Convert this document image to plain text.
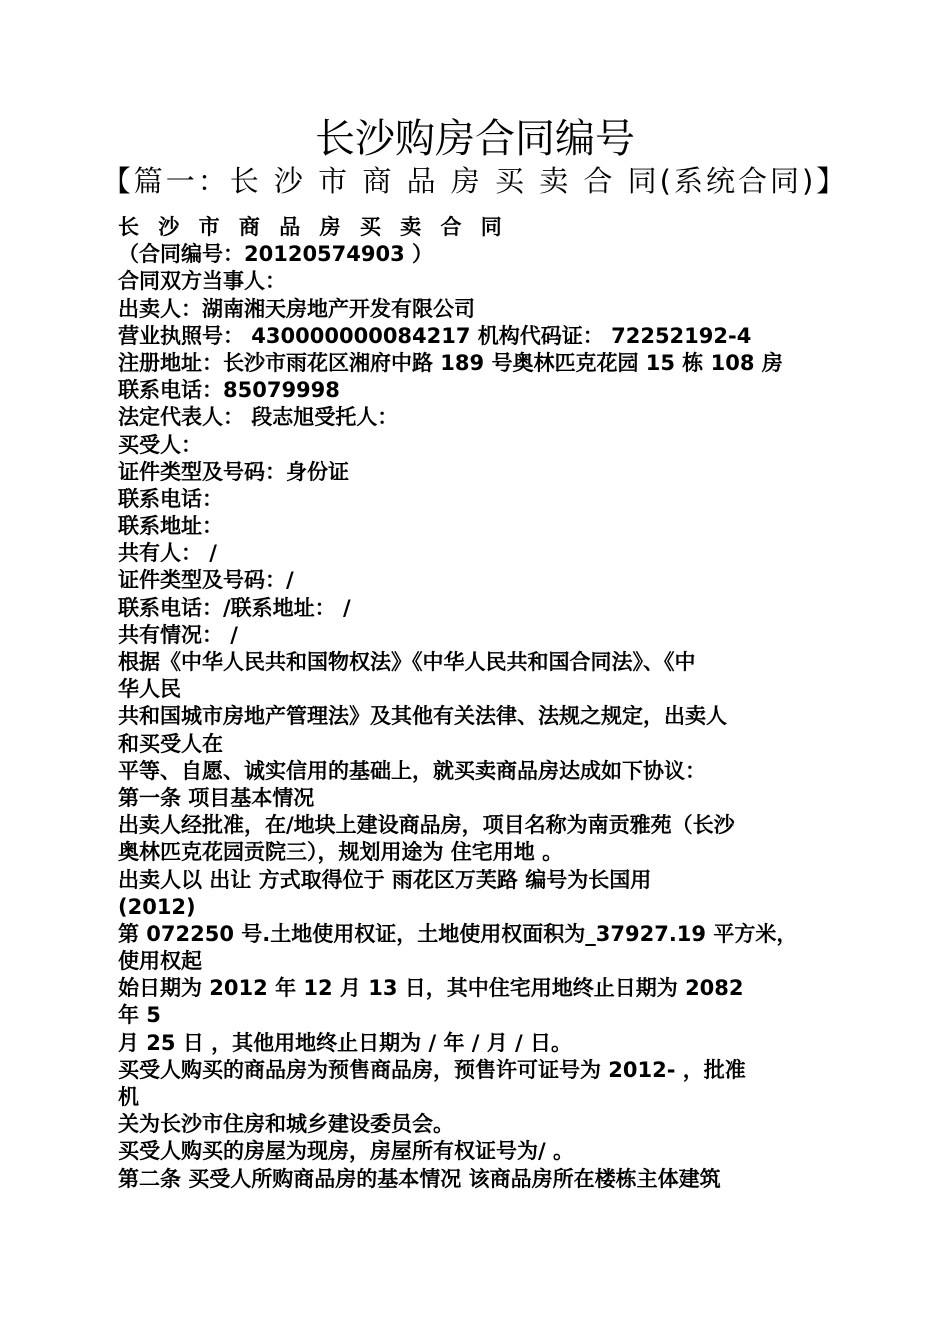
长沙购房合同编号
【篇一：长 沙 市 商 品 房 买 卖 合 同(系统合同)】
长 沙 市 商 品 房 买 卖 合 同
（合同编号：20120574903 ）
合同双方当事人：
出卖人：湖南湘天房地产开发有限公司
营业执照号： 430000000084217 机构代码证： 72252192-4
注册地址：长沙市雨花区湘府中路 189 号奥林匹克花园 15 栋 108 房
联系电话：85079998
法定代表人： 段志旭受托人：
买受人：
证件类型及号码：身份证
联系电话：
联系地址：
共有人： /
证件类型及号码：/
联系电话：/联系地址： /
共有情况： /
根据《中华人民共和国物权法》《中华人民共和国合同法》、《中
华人民
共和国城市房地产管理法》及其他有关法律、法规之规定，出卖人
和买受人在
平等、自愿、诚实信用的基础上，就买卖商品房达成如下协议：
第一条 项目基本情况
出卖人经批准，在/地块上建设商品房，项目名称为南贡雅苑（长沙
奥林匹克花园贡院三），规划用途为 住宅用地 。
出卖人以 出让 方式取得位于 雨花区万芙路 编号为长国用
(2012)
第 072250 号.土地使用权证，土地使用权面积为_37927.19 平方米，
使用权起
始日期为 2012 年 12 月 13 日，其中住宅用地终止日期为 2082
年 5
月 25 日 ，其他用地终止日期为 / 年 / 月 / 日。
买受人购买的商品房为预售商品房，预售许可证号为 2012- ，批准
机
关为长沙市住房和城乡建设委员会。
买受人购买的房屋为现房，房屋所有权证号为/ 。
第二条 买受人所购商品房的基本情况 该商品房所在楼栋主体建筑
